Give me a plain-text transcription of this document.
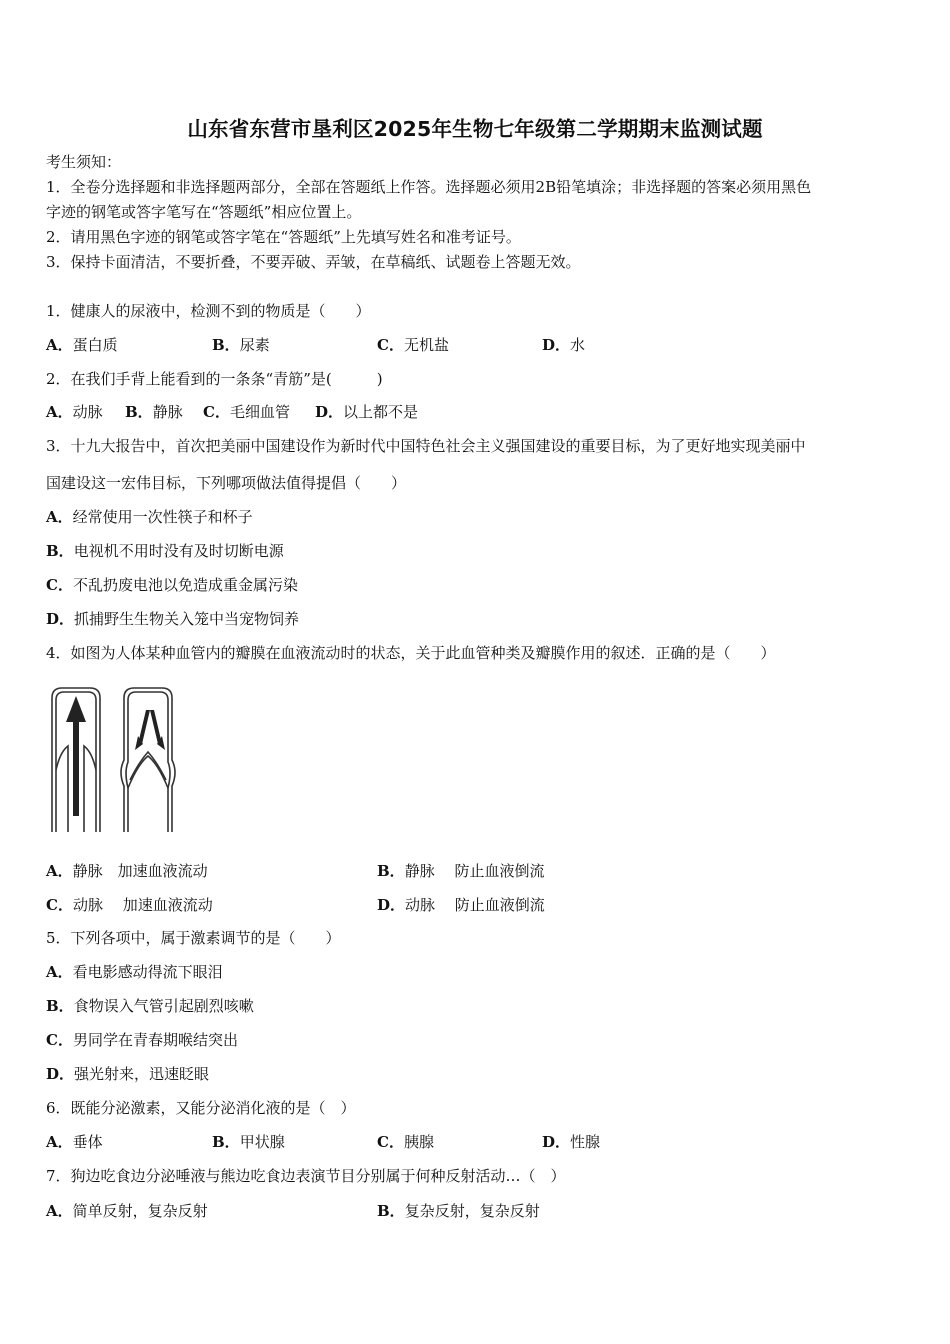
山东省东营市垦利区2025年生物七年级第二学期期末监测试题
考生须知：
1．全卷分选择题和非选择题两部分，全部在答题纸上作答。选择题必须用2B铅笔填涂；非选择题的答案必须用黑色
字迹的钢笔或答字笔写在“答题纸”相应位置上。
2．请用黑色字迹的钢笔或答字笔在“答题纸”上先填写姓名和准考证号。
3．保持卡面清洁，不要折叠，不要弄破、弄皱，在草稿纸、试题卷上答题无效。
1．健康人的尿液中，检测不到的物质是（　　）
A．蛋白质	B．尿素	C．无机盐	D．水
2．在我们手背上能看到的一条条“青筋”是(　　　)
A．动脉 B．静脉 C．毛细血管 D．以上都不是
3．十九大报告中，首次把美丽中国建设作为新时代中国特色社会主义强国建设的重要目标，为了更好地实现美丽中
国建设这一宏伟目标，下列哪项做法值得提倡（　　）
A．经常使用一次性筷子和杯子
B．电视机不用时没有及时切断电源
C．不乱扔废电池以免造成重金属污染
D．抓捕野生生物关入笼中当宠物饲养
4．如图为人体某种血管内的瓣膜在血液流动时的状态，关于此血管种类及瓣膜作用的叙述．正确的是（　　）
A．静脉　加速血液流动	B．静脉　 防止血液倒流
C．动脉　 加速血液流动	D．动脉　 防止血液倒流
5．下列各项中，属于激素调节的是（　　）
A．看电影感动得流下眼泪
B．食物误入气管引起剧烈咳嗽
C．男同学在青春期喉结突出
D．强光射来，迅速眨眼
6．既能分泌激素，又能分泌消化液的是（　）
A．垂体	B．甲状腺	C．胰腺	D．性腺
7．狗边吃食边分泌唾液与熊边吃食边表演节目分别属于何种反射活动…（　）
A．简单反射，复杂反射	B．复杂反射，复杂反射
